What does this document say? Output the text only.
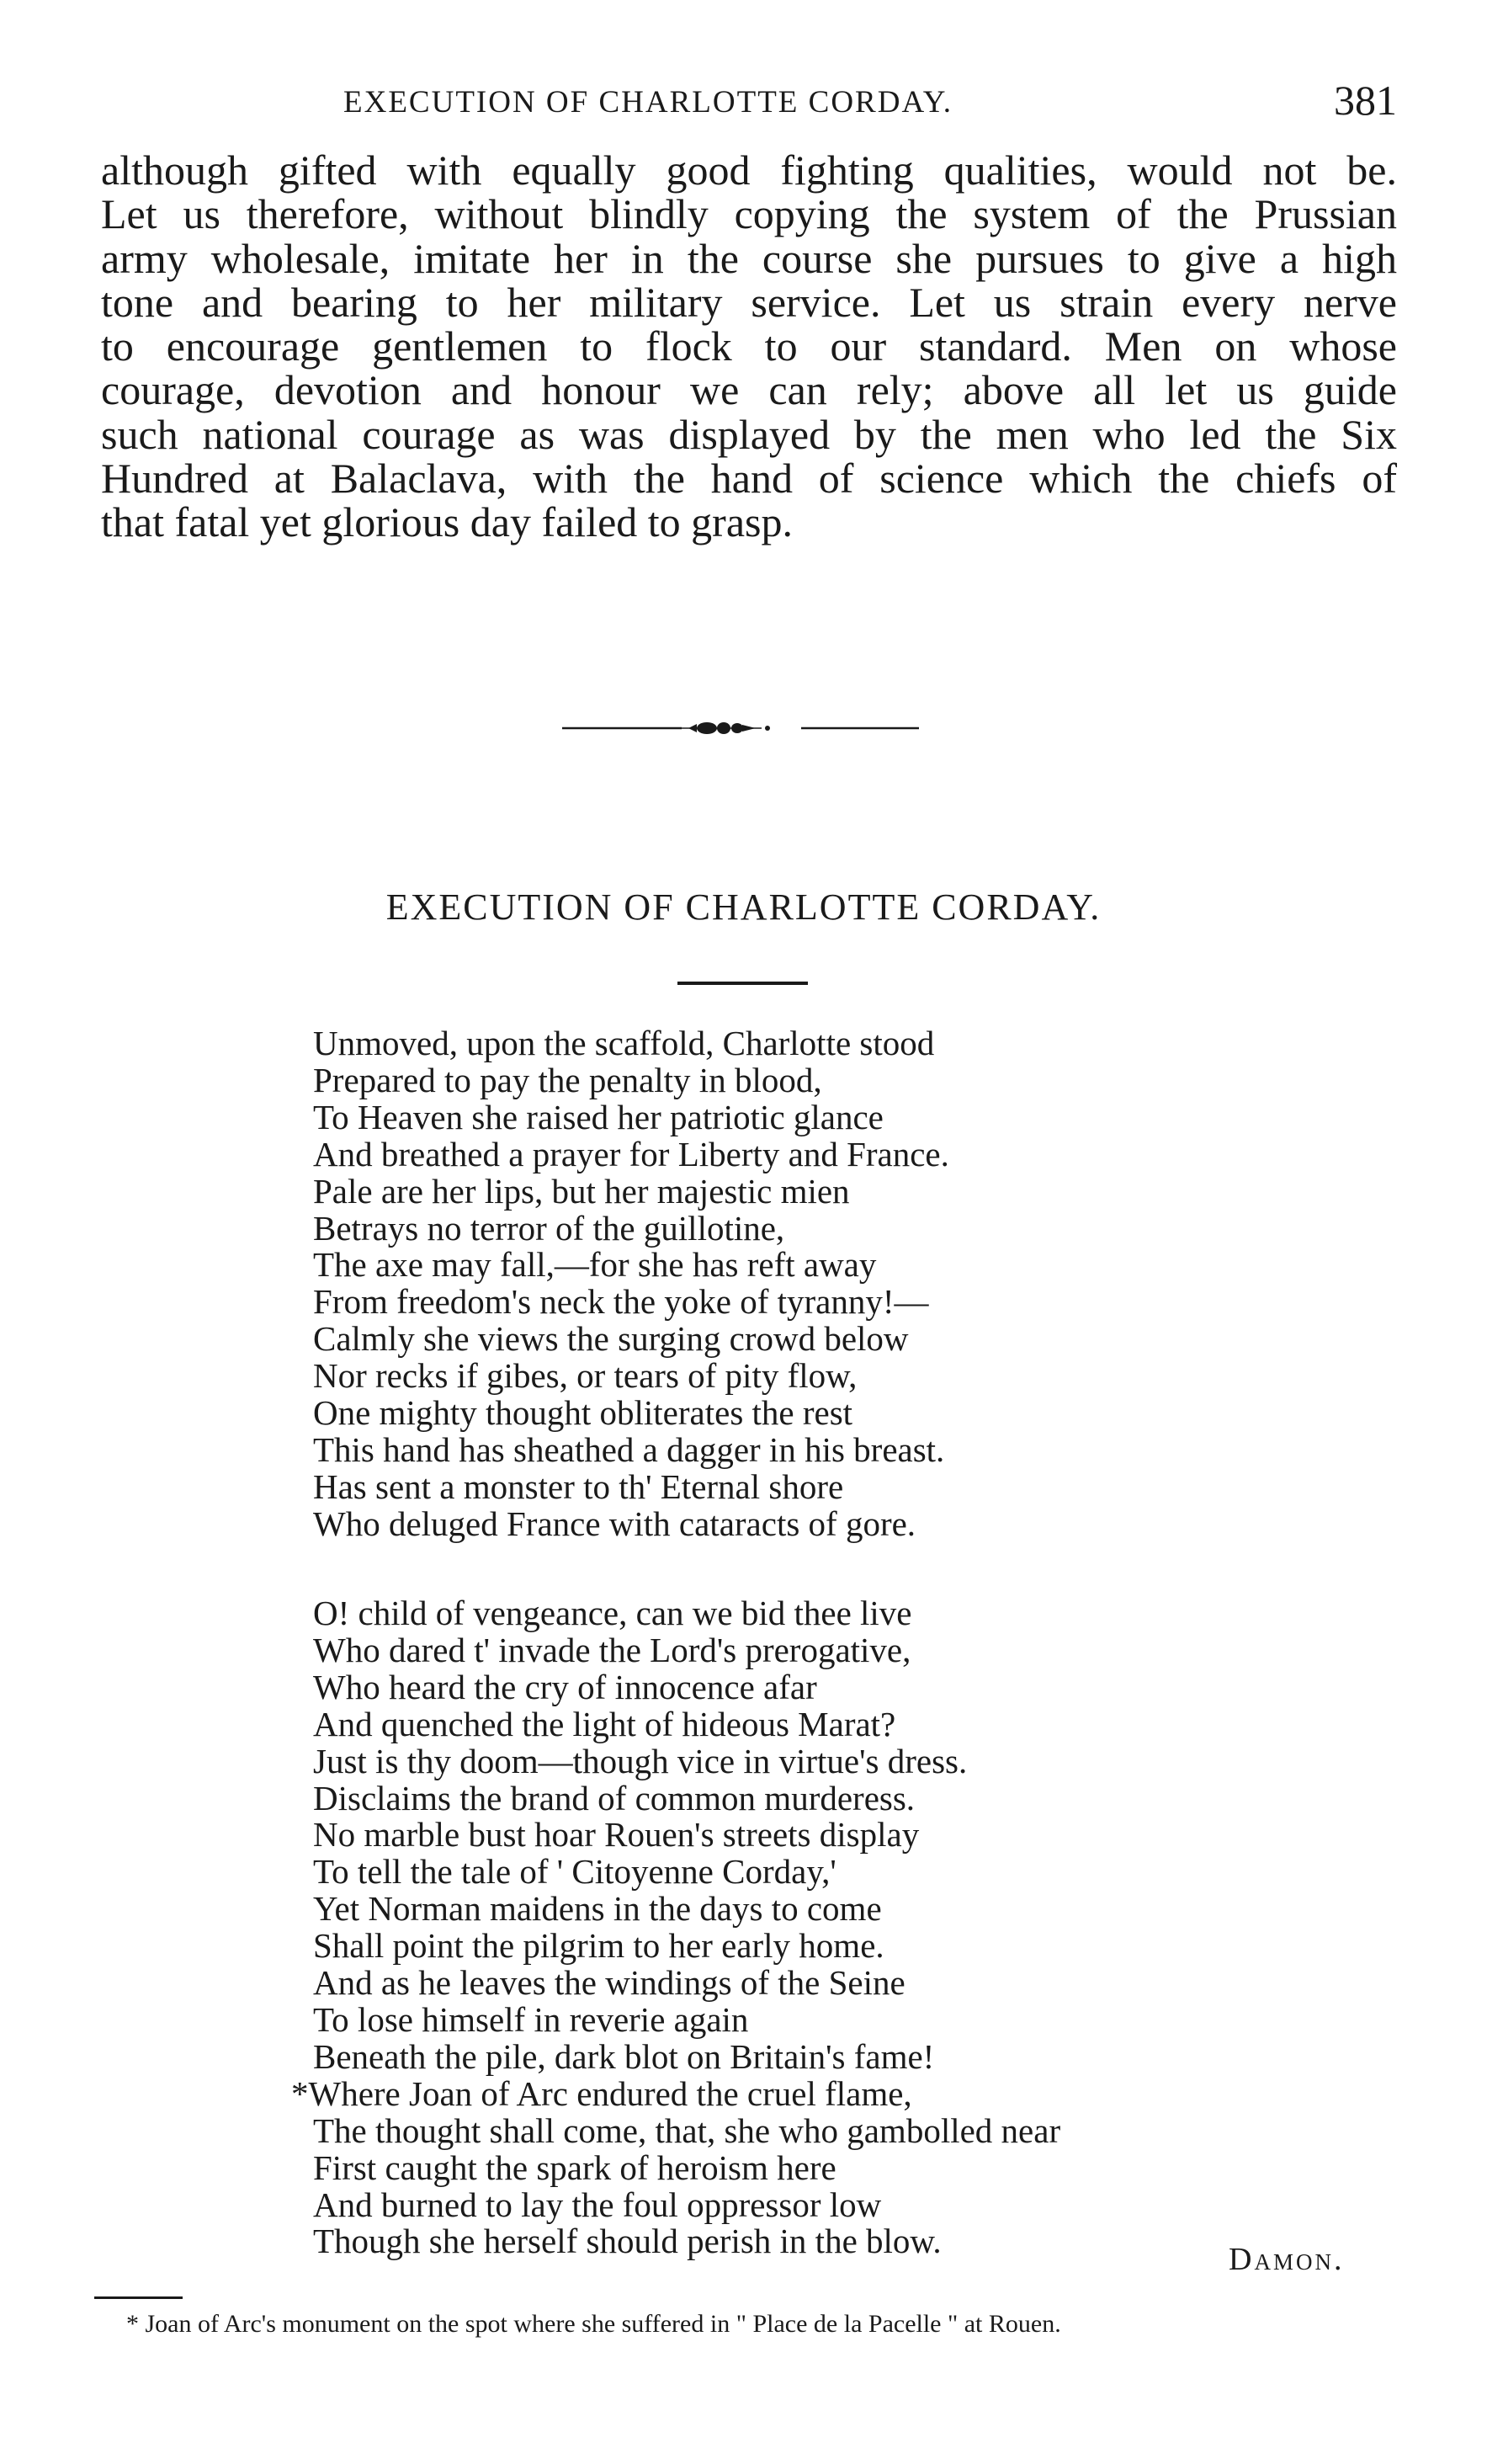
EXECUTION OF CHARLOTTE CORDAY.	381
although gifted with equally good fighting qualities, would not be.
Let us therefore, without blindly copying the system of the Prussian
army wholesale, imitate her in the course she pursues to give a high
tone and bearing to her military service. Let us strain every nerve
to encourage gentlemen to flock to our standard. Men on whose
courage, devotion and honour we can rely; above all let us guide
such national courage as was displayed by the men who led the Six
Hundred at Balaclava, with the hand of science which the chiefs of
that fatal yet glorious day failed to grasp.
EXECUTION OF CHARLOTTE CORDAY.
Unmoved, upon the scaffold, Charlotte stood
Prepared to pay the penalty in blood,
To Heaven she raised her patriotic glance
And breathed a prayer for Liberty and France.
Pale are her lips, but her majestic mien
Betrays no terror of the guillotine,
The axe may fall,—for she has reft away
From freedom's neck the yoke of tyranny!—
Calmly she views the surging crowd below
Nor recks if gibes, or tears of pity flow,
One mighty thought obliterates the rest
This hand has sheathed a dagger in his breast.
Has sent a monster to th' Eternal shore
Who deluged France with cataracts of gore.
O! child of vengeance, can we bid thee live
Who dared t' invade the Lord's prerogative,
Who heard the cry of innocence afar
And quenched the light of hideous Marat?
Just is thy doom—though vice in virtue's dress.
Disclaims the brand of common murderess.
No marble bust hoar Rouen's streets display
To tell the tale of ' Citoyenne Corday,'
Yet Norman maidens in the days to come
Shall point the pilgrim to her early home.
And as he leaves the windings of the Seine
To lose himself in reverie again
Beneath the pile, dark blot on Britain's fame!
*Where Joan of Arc endured the cruel flame,
The thought shall come, that, she who gambolled near
First caught the spark of heroism here
And burned to lay the foul oppressor low
Though she herself should perish in the blow.	Damon.
* Joan of Arc's monument on the spot where she suffered in " Place de la Pacelle " at Rouen.
